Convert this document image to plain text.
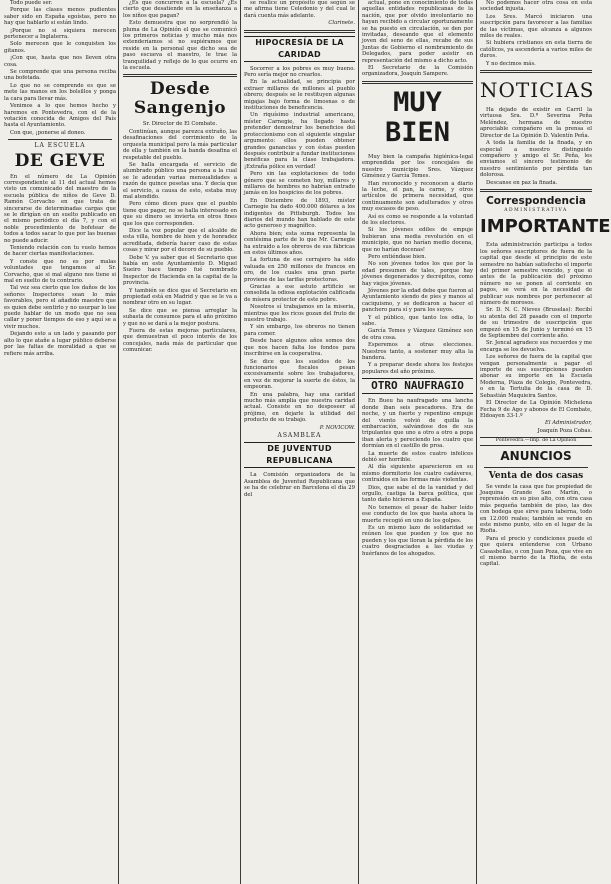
Todo puede ser.

Porque las clases menos pudientes saber sido en España egoístas, pero no hay que hablarlo si están lindo.

¡Porque no si siquiera merecen pertenecer a Inglaterra.

Solo merecen que le conquisten los gitanos.

¡Con que, hasta que nos lleven otra cosa.

Se comprende que una persona reciba una bofetada.

Lo que no se comprende es que se mete las manos en los bolsillos y ponga la cara para llevar más.

Venimos a lo que hemos hecho y haremos en Pontevedra, con el de la votación conocida de Amigos del País hasta el Ayuntamiento.

Con que, ¡ponerse al doneo.

LA ESCUELA
DE GEVE

En el número de La Opinión correspondiente al 11 del actual hemos visto un comunicado del maestro de la escuela pública de niños de Geve D. Ramón Corvacho en que trata de sincerarse de determinadas cargas que se le dirigían en un suelto publicado en el mismo periódico el día 7, y con el noble procedimiento de bofetear de todos a todos sacar lo que por las buenas no puede aducir.

Teniendo relación con tu vuelo hemos de hacer ciertas manifestaciones.

Y conste que no es por malas voluntades que tengamos al Sr. Corvacho, que si mal alguno nos tiene si mal en suelto de tu contrario.

Tal vez sea cierto que los daños de los señores Inspectores sean lo más favorables, pero el añadido maestro que es quien debe sentirlo y no usurpar lo lee puede hablar de un modo que no sea callar y poner tiempos de eso y aquí se a vivir muchos.

Dejando esto a un lado y pasando por alto lo que atañe a lugar público deberse por las faltas de moralidad a que se refiere más arriba.

¿Es que concurren a la escuela? ¿Es cierto que desatiende en la enseñanza a los niños que pagan?

Esto demuestra que no sorprendió la pluma de La Opinión el que se comunicó los primeros noticias y mucho más nos extenderíamos si no supiéramos que reside en la personal que dicho sea de paso escueva el maestro, le trae la tranquilidad y reflejo de lo que ocurre en la escuela.

Desde Sangenjo

Sr. Director de El Combate.

Continúan, aunque parezca extraño, las desafinaciones del corrimiento de la orquesta municipal pero la más particular de ella y también en la banda desafina el respetable del pueblo.

Se halla encargada el servicio de alumbrado público una persona a la cual se le adeudan varias mensualidades a razón de quince pesetas una. Y decía que el servicio, a causa de esto, estaba muy mal atendido.

Pero cómo dicen pues que el pueblo tiene que pagar, no se halla interesado en que su dinero se invierta en otros fines que los que corresponden.

Dice la voz popular que el alcalde de esta villa, hombre de bien y de honradez acreditada, debería hacer caso de estas cosas y mirar por el decoro de su pueblo.

Debe V. ya saber que el Secretario que había en este Ayuntamiento D. Miguel Sueiro hace tiempo fué nombrado Inspector de Hacienda en la capital de la provincia.

Y también se dice que el Secretario en propiedad está en Madrid y que se le va a nombrar otro en su lugar.

Se dice que se piensa arreglar la subasta de consumos para el año próximo y que no se dará a la mejor postura.

Fuera de estas mejoras particulares, que demuestran el poco interés de los concejales, nada más de particular que comunicar.

se realice un propósito que según se me afirma tiene Celedonio y del cual le dará cuenta más adelante.

Clarinete.

HIPOCRESÍA DE LA CARIDAD

Socorrer a los pobres es muy bueno. Pero sería mejor no crearlos.

En la actualidad, se principia por extraer millares de millones al pueblo obrero; después se le restituyen algunas migajas bajo forma de limosnas o de instituciones de beneficencia.

Un riquísimo industrial americano, míster Carnegie, ha llegado hasta pretender demostrar los beneficios del proteccionismo con el siguiente singular argumento: ellos pueden obtener grandes ganancias y con éstas pueden después contribuir a fundar instituciones benéficas para la clase trabajadora. ¡Extraña pólice en verdad!

Pero sin las explotaciones de todo género que se cometen hoy, millares y millares de hombres no habrían entrado jamás en los hospicios de los pobres.

En Diciembre de 1893, míster Carnegie ha dado 400.000 dólares a los indigentes de Pittsburgh. Todos los diarios del mundo han hablado de este acto generoso y magnífico.

Ahora bien; esta suma representa la centésima parte de lo que Mr. Carnegie ha extraído a los obreros de sus fábricas en estos últimos años.

La fortuna de ese cerrajero ha sido valuada en 250 millones de francos en oro, de los cuales una gran parte proviene de las tarifas protectoras.

Gracias a ese astuto artificio se consolida la odiosa explotación calificada de mísera protector de este pobre.

Nosotros sí trabajamos en la miseria, mientras que los ricos gozan del fruto de nuestro trabajo.

Y sin embargo, los obreros no tienen para comer.

Desde hace algunos años somos dos que nos hacen falta los fondos para inscribirse en la cooperativa.

Se dice que los sueldos de los funcionarios fiscales pesan excesivamente sobre los trabajadores, en vez de mejorar la suerte de éstos, la empeoran.

En una palabra, hay una caridad mucho más amplia que nuestra caridad actual. Consiste en no desposeer al prójimo, en dejarle la utilidad del producto de su trabajo.

P. NOVICOW.

ASAMBLEA
DE JUVENTUD REPUBLICANA

La Comisión organizadora de la Asamblea de Juventud Republicana que se ha de celebrar en Barcelona el día 29 del

actual, pone en conocimiento de todas aquellas entidades republicanas de la nación, que por olvido involuntario no hayan recibido a circular oportunamente se ha puesto en circulación, se den por invitadas, deseando que el elemento joven del seno de ellas, recabe de sus Juntas de Gobierno el nombramiento de Delegados, para poder asistir en representación del mismo a dicho acto.

El Secretario de la Comisión organizadora, Joaquín Sampere.

MUY BIEN

Muy bien la campaña higiénica-legal emprendida por los concejales de nuestro municipio Sres. Vázquez Giménez y García Temes.

Han reconocido y reconocen a diario la leche, el pan, la carne, y otros artículos de primera necesidad, que continuamente son adulterados y otros muy escasos de peso.

Así es como se responde a la voluntad de los electores.

Si los jóvenes ediles de empuje hubieran una media revolución en el municipio, que no harían medio docena, que no harían docenas!

Pero entiéndase bien.

No son jóvenes todos los que por la edad presumen de tales, porque hay jóvenes degenerados y decrépitos, como hay viejos jóvenes.

Jóvenes por la edad debe que fueron al Ayuntamiento siendo de pies y manos al caciquismo, y se dedicaron a hacer el panchero para sí y para los suyos.

Y el público, que tanto los odia, lo sabe.

García Temes y Vázquez Giménez son de otra cosa.

Esperemos a otras elecciones. Nuestros tanto, a sostener muy alta la bandera.

Y a preparar desde ahora los festejos populares del año próximo.

OTRO NAUFRAGIO

En Bueu ha naufragado una lancha donde iban seis pescadores. Era de noche, y un fuerte y repentino empuje del viento volvió de quilla la embarcación, salvándose dos de sus tripulantes que uno a otro a otro a popa iban alerta y pereciendo los cuatro que dormían en el castillo de proa.

La muerte de estos cuatro infelices debió ser horrible.

Al día siguiente aparecieron en su mismo dormitorio los cuatro cadáveres, contraídos en las formas más violentas.

Dios, que sabe el de la vanidad y del orgullo, castiga la barca política, que tanto daño hicieron a España.

No tenemos el pesar de haber leído ese conducto de los que hasta ahora la muerte recogió en uno de los golpes.

Es un mismo lazo de solidaridad se reúnen los que pueden y los que no pueden y los que lloran la pérdida de los cuatro desgraciados a las viudas y huérfanos de los ahogados.

No podemos hacer otra cosa en esta sociedad injusta.

Los Sres. Marcó iniciaron una suscripción para favorecer a las familias de las víctimas, que alcanza a algunos miles de reales.

Si hubiera cristianos en esta tierra de católicos, ya ascendería a varios miles de duros.

Y no decimos más.

NOTICIAS

Ha dejado de existir en Carril la virtuosa Sra. D.ª Severina Peña Meléndez, hermana de nuestro apreciable compañero en la prensa el Director de La Opinión D. Valentín Peña.

A toda la familia de la finada, y en especial a nuestro distinguido compañero y amigo el Sr. Peña, les enviamos el sincero testimonio de nuestro sentimiento por pérdida tan dolorosa.

Descanse en paz la finada.

Correspondencia
ADMINISTRATIVA
IMPORTANTE

Esta administración participa a todos los señores suscriptores de fuera de la capital que desde el principio de este semestre no habían satisfecho el importe del primer semestre vencido, y que si antes de la publicación del próximo número no se ponen al corriente en pagos, se verá en la necesidad de publicar sus nombres por pertenecer al número de morosos.

Sr. D. N. C. Nieves (Bruselas): Recibí su atenta del 28 pasado con el importe de su trimestre de suscripción que empezó en 15 de Junio y terminó en 15 de Septiembre del corriente año.

Sr. Jencal agradece sus recuerdos y me encarga se los devuelva.

Los señores de fuera de la capital que vengan personalmente a pagar el importe de sus suscripciones pueden abonar su importe en la Escuela Moderna, Plaza de Colegio, Pontevedra, o en la Tertulia de la casa de D. Sebastián Maquieira Santos.

El Director de La Opinión Michelena Fecha 9 de Ago y abonos de El Combate, Eldoayen 33-1.º

El Administrador,

Joaquín Poza Cobas.

Pontevedra.—Imp. de La Opinión
ANUNCIOS
Venta de dos casas

Se vende la casa que fue propiedad de Joaquina Grande San Martín, o reprensión en su piso alto, con otra casa más pequeña también de piso, las dos con bodega que sirve para taberna, todo en 12.000 reales; también se vende en este mismo punto, sito en el lugar de la Riofia.

Para el precio y condiciones puede el que quiera entenderse con Urbano Casasbellas, o con Juan Poza, que vive en el mismo barrio de la Riofia, de esta capital.
